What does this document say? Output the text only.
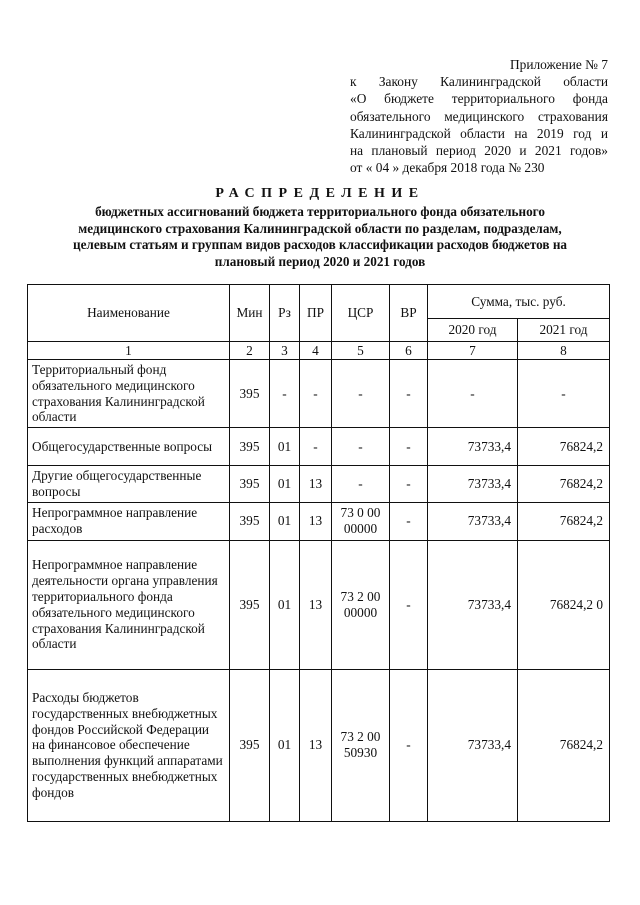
Приложение № 7
к Закону Калининградской области
«О бюджете территориального фонда
обязательного медицинского страхования
Калининградской области на 2019 год и
на плановый период 2020 и 2021 годов»
от « 04 » декабря 2018 года № 230
РАСПРЕДЕЛЕНИЕ
бюджетных ассигнований бюджета территориального фонда обязательного медицинского страхования Калининградской области по разделам, подразделам, целевым статьям и группам видов расходов классификации расходов бюджетов на плановый период 2020 и 2021 годов
Наименование	Мин	Рз	ПР	ЦСР	ВР	Сумма, тыс. руб.	
						2020 год	2021 год
1	2	3	4	5	6	7	8
Территориальный фонд обязательного медицинского страхования Калининградской области	395	-	-	-	-	-	-
Общегосударственные вопросы	395	01	-	-	-	73733,4	76824,2
Другие общегосударственные вопросы	395	01	13	-	-	73733,4	76824,2
Непрограммное направление расходов	395	01	13	73 0 00 00000	-	73733,4	76824,2
Непрограммное направление деятельности органа управления территориального фонда обязательного медицинского страхования Калининградской области	395	01	13	73 2 00 00000	-	73733,4	76824,2 0
Расходы бюджетов государственных внебюджетных фондов Российской Федерации на финансовое обеспечение выполнения функций аппаратами государственных внебюджетных фондов	395	01	13	73 2 00 50930	-	73733,4	76824,2
